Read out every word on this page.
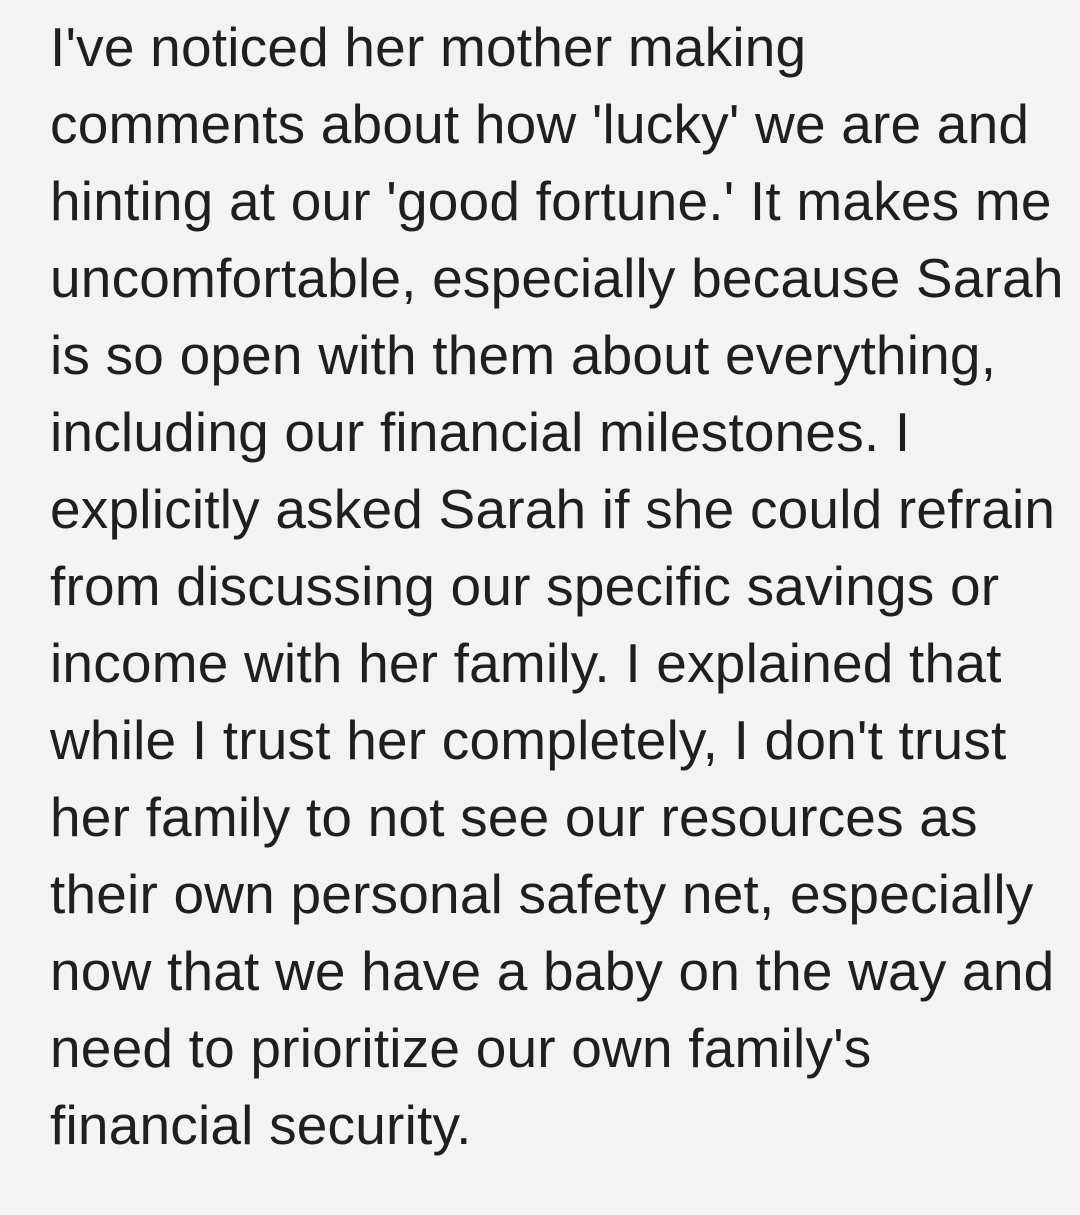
I've noticed her mother making
comments about how 'lucky' we are and
hinting at our 'good fortune.' It makes me
uncomfortable, especially because Sarah
is so open with them about everything,
including our financial milestones. I
explicitly asked Sarah if she could refrain
from discussing our specific savings or
income with her family. I explained that
while I trust her completely, I don't trust
her family to not see our resources as
their own personal safety net, especially
now that we have a baby on the way and
need to prioritize our own family's
financial security.
